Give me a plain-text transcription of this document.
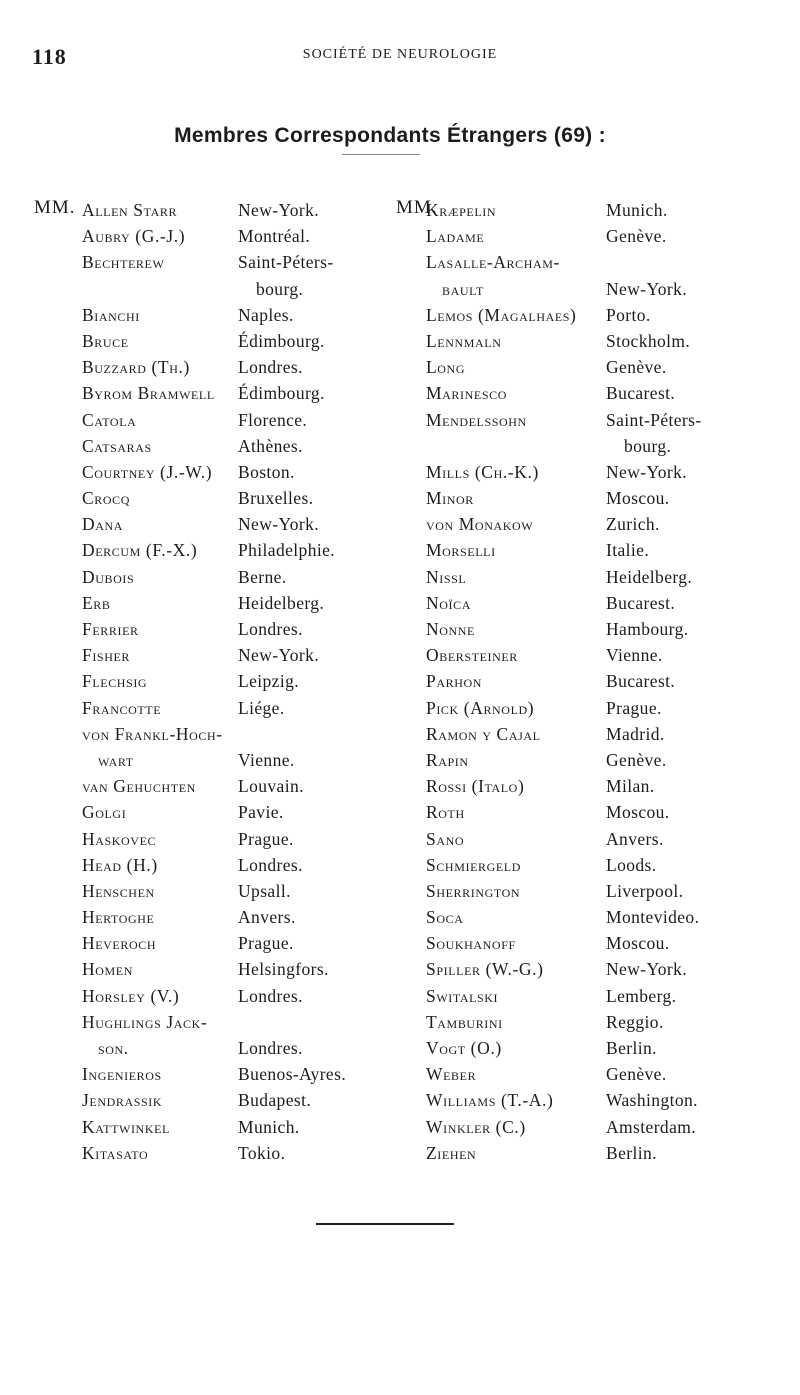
118	SOCIÉTÉ DE NEUROLOGIE
Membres Correspondants Étrangers (69) :
MM. Allen Starr	New-York.
Aubry (G.-J.)	Montréal.
Bechterew	Saint-Péters-
bourg.
Bianchi	Naples.
Bruce	Édimbourg.
Buzzard (Th.)	Londres.
Byrom Bramwell Édimbourg.
Catola	Florence.
Catsaras	Athènes.
Courtney (J.-W.) Boston.
Crocq	Bruxelles.
Dana	New-York.
Dercum (F.-X.) Philadelphie.
Dubois	Berne.
Erb	Heidelberg.
Ferrier	Londres.
Fisher	New-York.
Flechsig	Leipzig.
Francotte	Liége.
von Frankl-Hoch-
wart	Vienne.
van Gehuchten Louvain.
Golgi	Pavie.
Haskovec	Prague.
Head (H.)	Londres.
Henschen	Upsall.
Hertoghe	Anvers.
Heveroch	Prague.
Homen	Helsingfors.
Horsley (V.)	Londres.
Hughlings Jack-
son.	Londres.
Ingenieros	Buenos-Ayres.
Jendrassik	Budapest.
Kattwinkel	Munich.
Kitasato	Tokio.
MM.
Kræpelin	Munich.
Ladame	Genève.
Lasalle-Archam-
bault	New-York.
Lemos (Magalhaes) Porto.
Lennmaln	Stockholm.
Long	Genève.
Marinesco	Bucarest.
Mendelssohn	Saint-Péters-
bourg.
Mills (Ch.-K.)	New-York.
Minor	Moscou.
von Monakow	Zurich.
Morselli	Italie.
Nissl	Heidelberg.
Noïca	Bucarest.
Nonne	Hambourg.
Obersteiner	Vienne.
Parhon	Bucarest.
Pick (Arnold)	Prague.
Ramon y Cajal	Madrid.
Rapin	Genève.
Rossi (Italo)	Milan.
Roth	Moscou.
Sano	Anvers.
Schmiergeld	Loods.
Sherrington	Liverpool.
Soca	Montevideo.
Soukhanoff	Moscou.
Spiller (W.-G.)	New-York.
Switalski	Lemberg.
Tamburini	Reggio.
Vogt (O.)	Berlin.
Weber	Genève.
Williams (T.-A.)	Washington.
Winkler (C.)	Amsterdam.
Ziehen	Berlin.
